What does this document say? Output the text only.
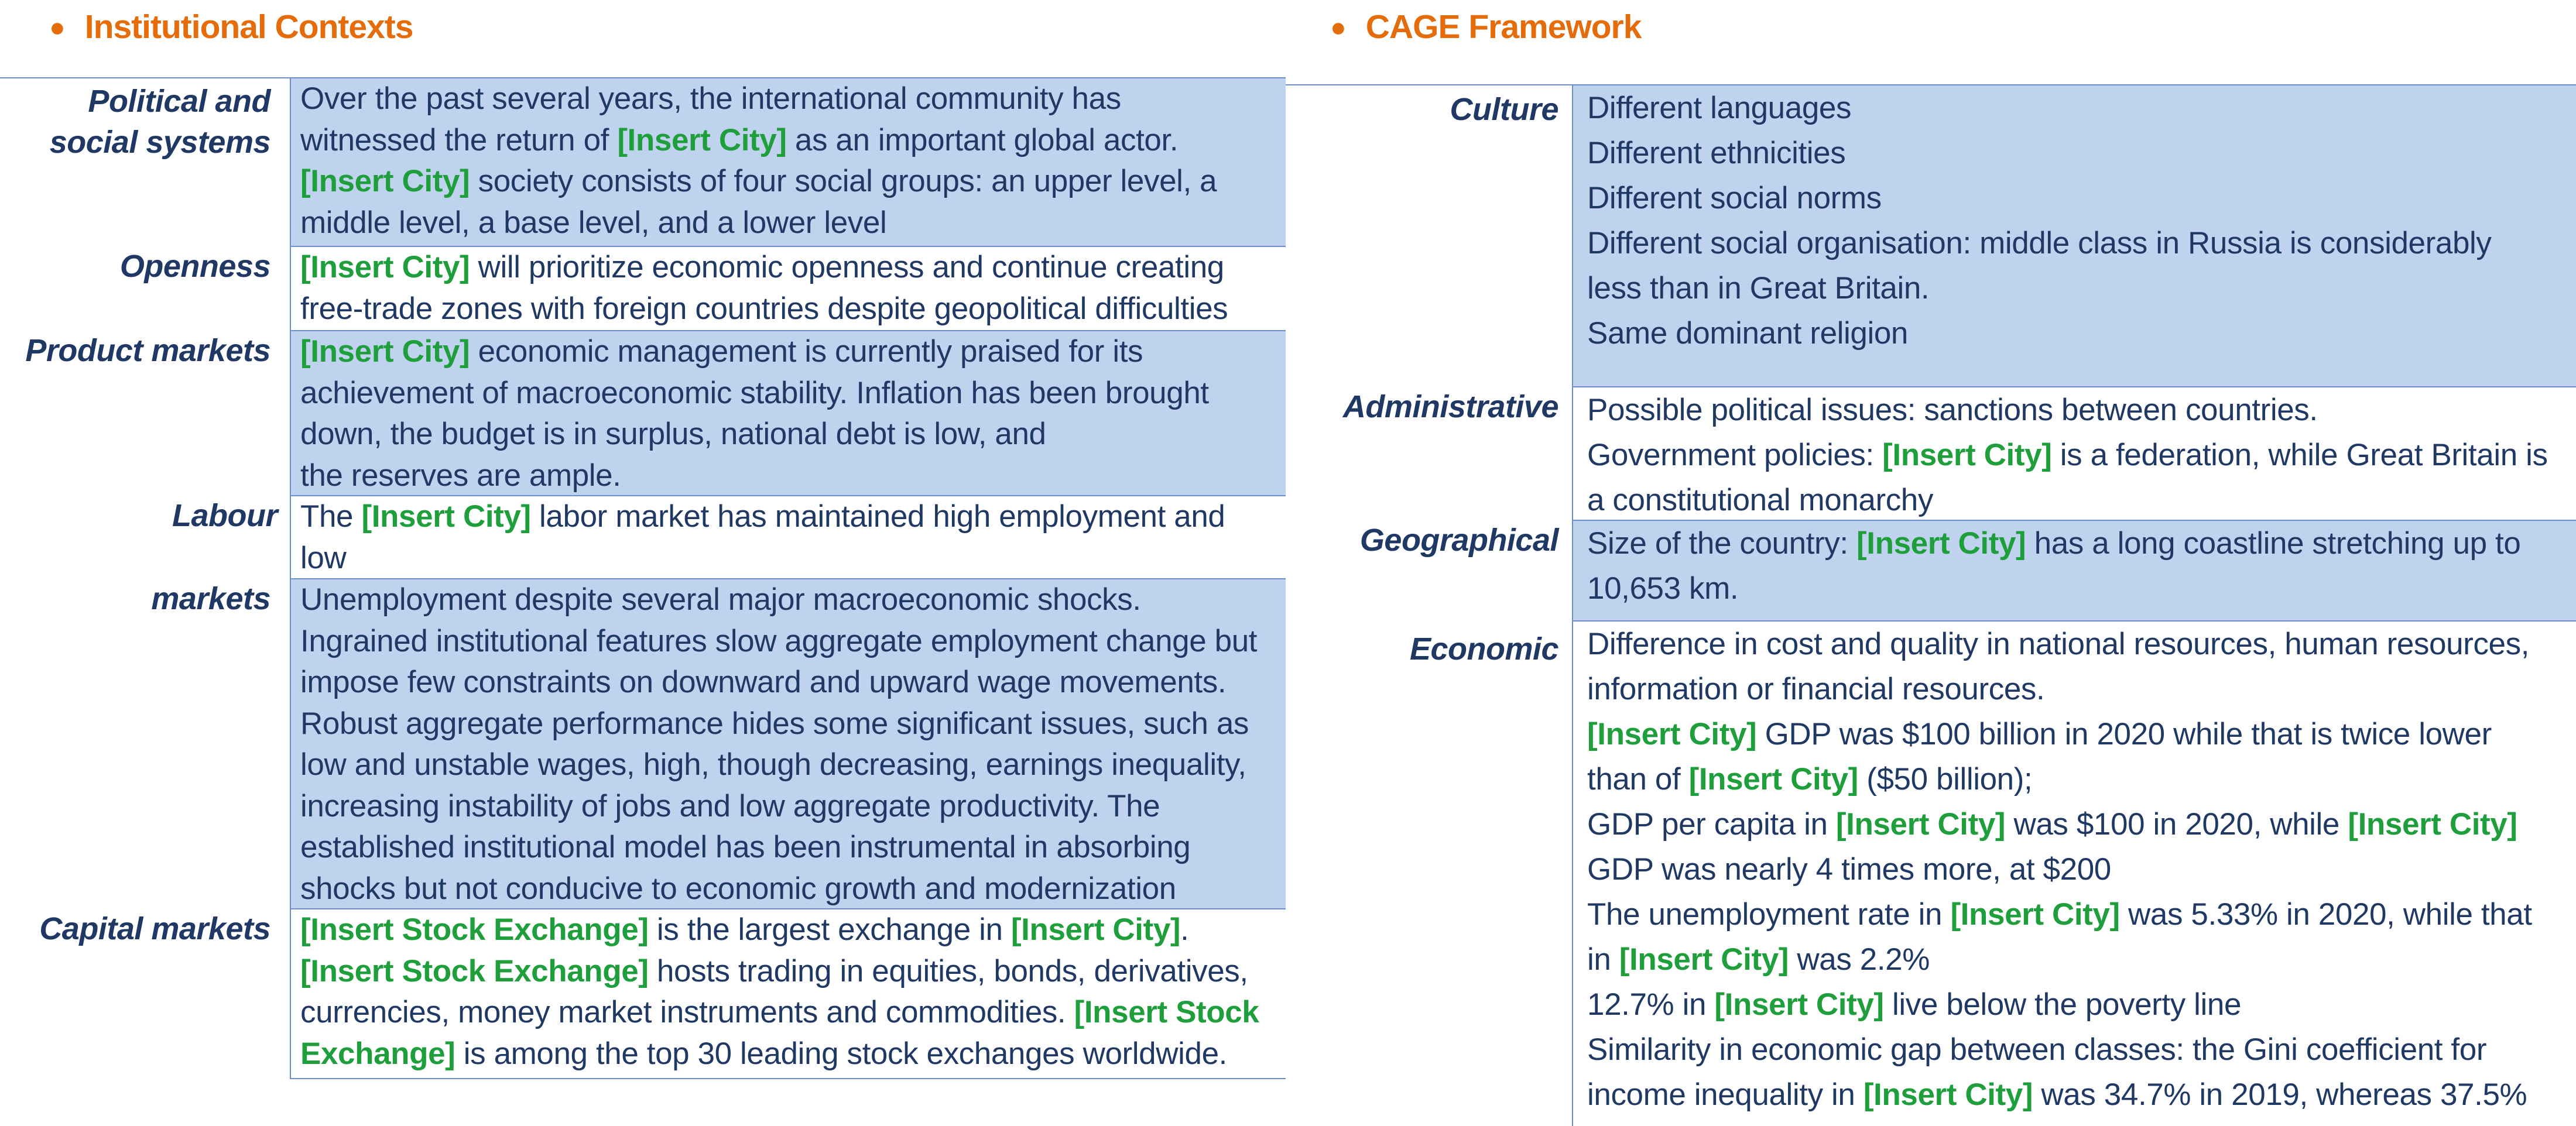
● Institutional Contexts	● CAGE Framework
Political and social systems

Over the past several years, the international community has

witnessed the return of [Insert City] as an important global actor.

[Insert City] society consists of four social groups: an upper level, a

middle level, a base level, and a lower level

Openness [Insert City] will prioritize economic openness and continue creating

free-trade zones with foreign countries despite geopolitical difficulties

Product markets [Insert City] economic management is currently praised for its

achievement of macroeconomic stability. Inflation has been brought

down, the budget is in surplus, national debt is low, and

the reserves are ample.

Labour The [Insert City] labor market has maintained high employment and

low

markets Unemployment despite several major macroeconomic shocks.

Ingrained institutional features slow aggregate employment change but

impose few constraints on downward and upward wage movements.

Robust aggregate performance hides some significant issues, such as

low and unstable wages, high, though decreasing, earnings inequality,

increasing instability of jobs and low aggregate productivity. The

established institutional model has been instrumental in absorbing

shocks but not conducive to economic growth and modernization

Capital markets [Insert Stock Exchange] is the largest exchange in [Insert City].

[Insert Stock Exchange] hosts trading in equities, bonds, derivatives,

currencies, money market instruments and commodities. [Insert Stock

Exchange] is among the top 30 leading stock exchanges worldwide.

Culture Different languages

Different ethnicities

Different social norms

Different social organisation: middle class in Russia is considerably

less than in Great Britain.

Same dominant religion

Administrative Possible political issues: sanctions between countries.

Government policies: [Insert City] is a federation, while Great Britain is

a constitutional monarchy

Geographical Size of the country: [Insert City] has a long coastline stretching up to

10,653 km.

Economic Difference in cost and quality in national resources, human resources,

information or financial resources.

[Insert City] GDP was $100 billion in 2020 while that is twice lower

than of [Insert City] ($50 billion);

GDP per capita in [Insert City] was $100 in 2020, while [Insert City]

GDP was nearly 4 times more, at $200

The unemployment rate in [Insert City] was 5.33% in 2020, while that

in [Insert City] was 2.2%

12.7% in [Insert City] live below the poverty line

Similarity in economic gap between classes: the Gini coefficient for

income inequality in [Insert City] was 34.7% in 2019, whereas 37.5%
